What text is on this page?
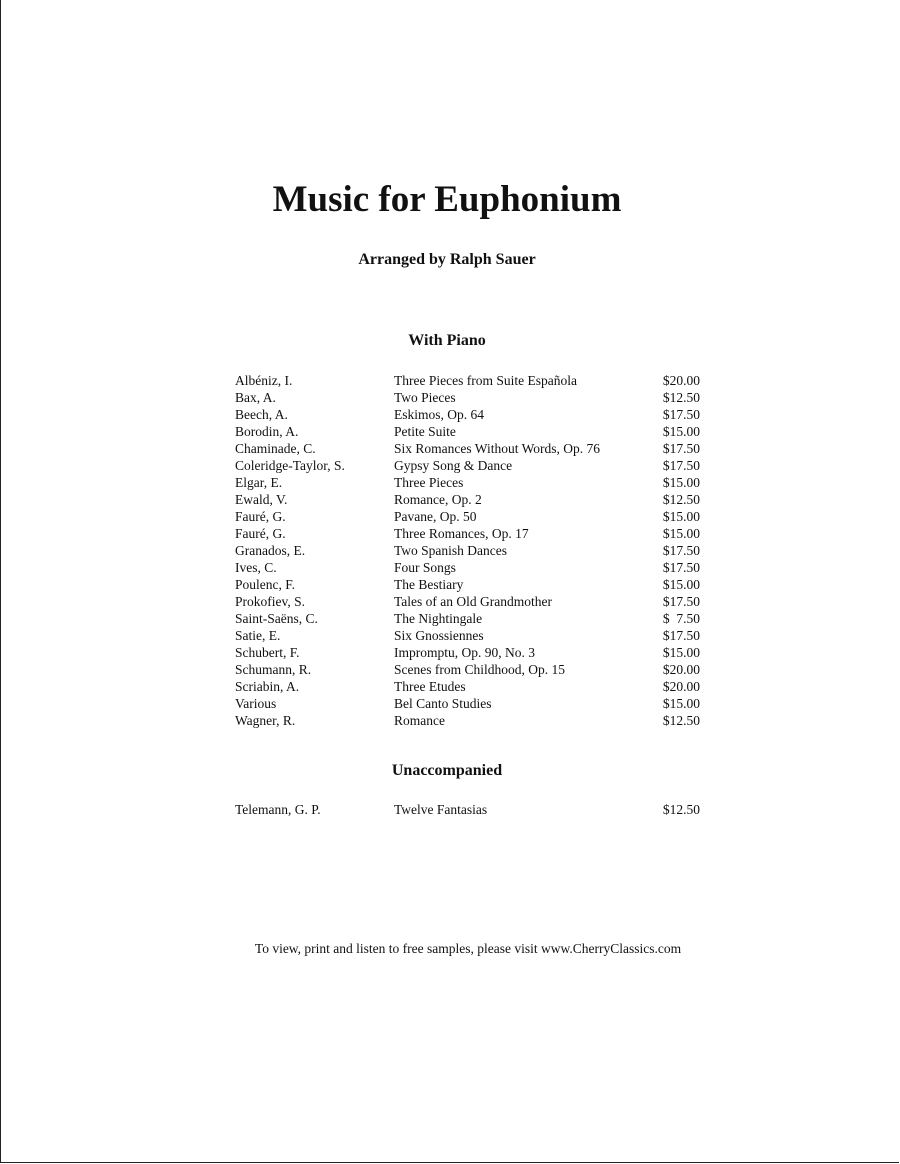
Music for Euphonium

Arranged by Ralph Sauer

With Piano
Albéniz, I.	Three Pieces from Suite Española	$20.00
Bax, A.	Two Pieces	$12.50
Beech, A.	Eskimos, Op. 64	$17.50
Borodin, A.	Petite Suite	$15.00
Chaminade, C.	Six Romances Without Words, Op. 76	$17.50
Coleridge-Taylor, S.	Gypsy Song & Dance	$17.50
Elgar, E.	Three Pieces	$15.00
Ewald, V.	Romance, Op. 2	$12.50
Fauré, G.	Pavane, Op. 50	$15.00
Fauré, G.	Three Romances, Op. 17	$15.00
Granados, E.	Two Spanish Dances	$17.50
Ives, C.	Four Songs	$17.50
Poulenc, F.	The Bestiary	$15.00
Prokofiev, S.	Tales of an Old Grandmother	$17.50
Saint-Saëns, C.	The Nightingale	$  7.50
Satie, E.	Six Gnossiennes	$17.50
Schubert, F.	Impromptu, Op. 90, No. 3	$15.00
Schumann, R.	Scenes from Childhood, Op. 15	$20.00
Scriabin, A.	Three Etudes	$20.00
Various	Bel Canto Studies	$15.00
Wagner, R.	Romance	$12.50
Unaccompanied
Telemann, G. P.	Twelve Fantasias	$12.50

To view, print and listen to free samples, please visit www.CherryClassics.com
